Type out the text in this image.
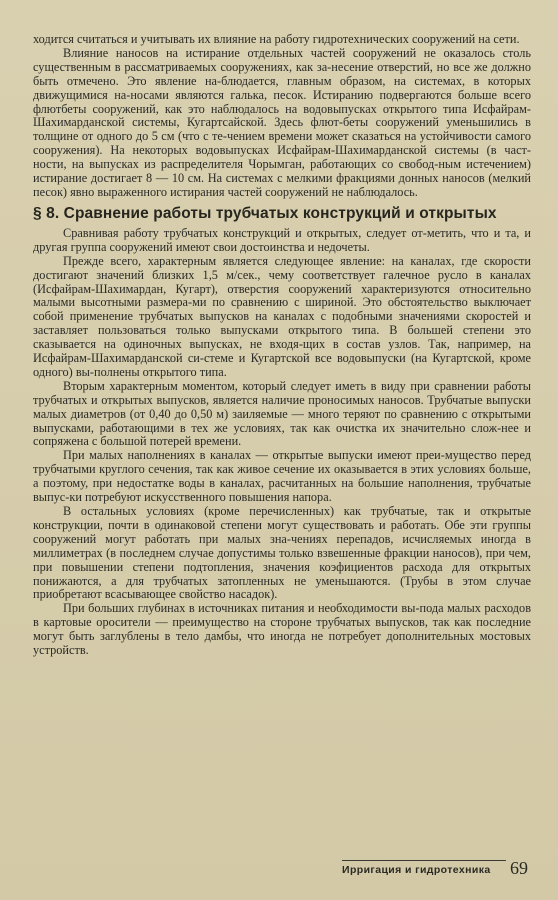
ходится считаться и учитывать их влияние на работу гидротехнических сооружений на сети.

Влияние наносов на истирание отдельных частей сооружений не оказалось столь существенным в рассматриваемых сооружениях, как за-несение отверстий, но все же должно быть отмечено. Это явление на-блюдается, главным образом, на системах, в которых движущимися на-носами являются галька, песок. Истиранию подвергаются больше всего флютбеты сооружений, как это наблюдалось на водовыпусках открытого типа Исфайрам-Шахимарданской системы, Кугартсайской. Здесь флют-беты сооружений уменьшились в толщине от одного до 5 см (что с те-чением времени может сказаться на устойчивости самого сооружения). На некоторых водовыпусках Исфайрам-Шахимарданской системы (в част-ности, на выпусках из распределителя Чорымган, работающих со свобод-ным истечением) истирание достигает 8 — 10 см. На системах с мелкими фракциями донных наносов (мелкий песок) явно выраженного истирания частей сооружений не наблюдалось.

§ 8. Сравнение работы трубчатых конструкций и открытых

Сравнивая работу трубчатых конструкций и открытых, следует от-метить, что и та, и другая группа сооружений имеют свои достоинства и недочеты.

Прежде всего, характерным является следующее явление: на каналах, где скорости достигают значений близких 1,5 м/сек., чему соответствует галечное русло в каналах (Исфайрам-Шахимардан, Кугарт), отверстия сооружений характеризуются относительно малыми высотными размера-ми по сравнению с шириной. Это обстоятельство выключает собой применение трубчатых выпусков на каналах с подобными значениями скоростей и заставляет пользоваться только выпусками открытого типа. В большей степени это сказывается на одиночных выпусках, не входя-щих в состав узлов. Так, например, на Исфайрам-Шахимарданской си-стеме и Кугартской все водовыпуски (на Кугартской, кроме одного) вы-полнены открытого типа.

Вторым характерным моментом, который следует иметь в виду при сравнении работы трубчатых и открытых выпусков, является наличие проносимых наносов. Трубчатые выпуски малых диаметров (от 0,40 до 0,50 м) заиляемые — много теряют по сравнению с открытыми выпусками, работающими в тех же условиях, так как очистка их значительно слож-нее и сопряжена с большой потерей времени.

При малых наполнениях в каналах — открытые выпуски имеют преи-мущество перед трубчатыми круглого сечения, так как живое сечение их оказывается в этих условиях больше, а поэтому, при недостатке воды в каналах, расчитанных на большие наполнения, трубчатые выпус-ки потребуют искусственного повышения напора.

В остальных условиях (кроме перечисленных) как трубчатые, так и открытые конструкции, почти в одинаковой степени могут существовать и работать. Обе эти группы сооружений могут работать при малых зна-чениях перепадов, исчисляемых иногда в миллиметрах (в последнем случае допустимы только взвешенные фракции наносов), при чем, при повышении степени подтопления, значения коэфициентов расхода для открытых понижаются, а для трубчатых затопленных не уменьшаются. (Трубы в этом случае приобретают всасывающее свойство насадок).

При больших глубинах в источниках питания и необходимости вы-пода малых расходов в картовые оросители — преимущество на стороне трубчатых выпусков, так как последние могут быть заглублены в тело дамбы, что иногда не потребует дополнительных мостовых устройств.

Ирригация и гидротехника 69
